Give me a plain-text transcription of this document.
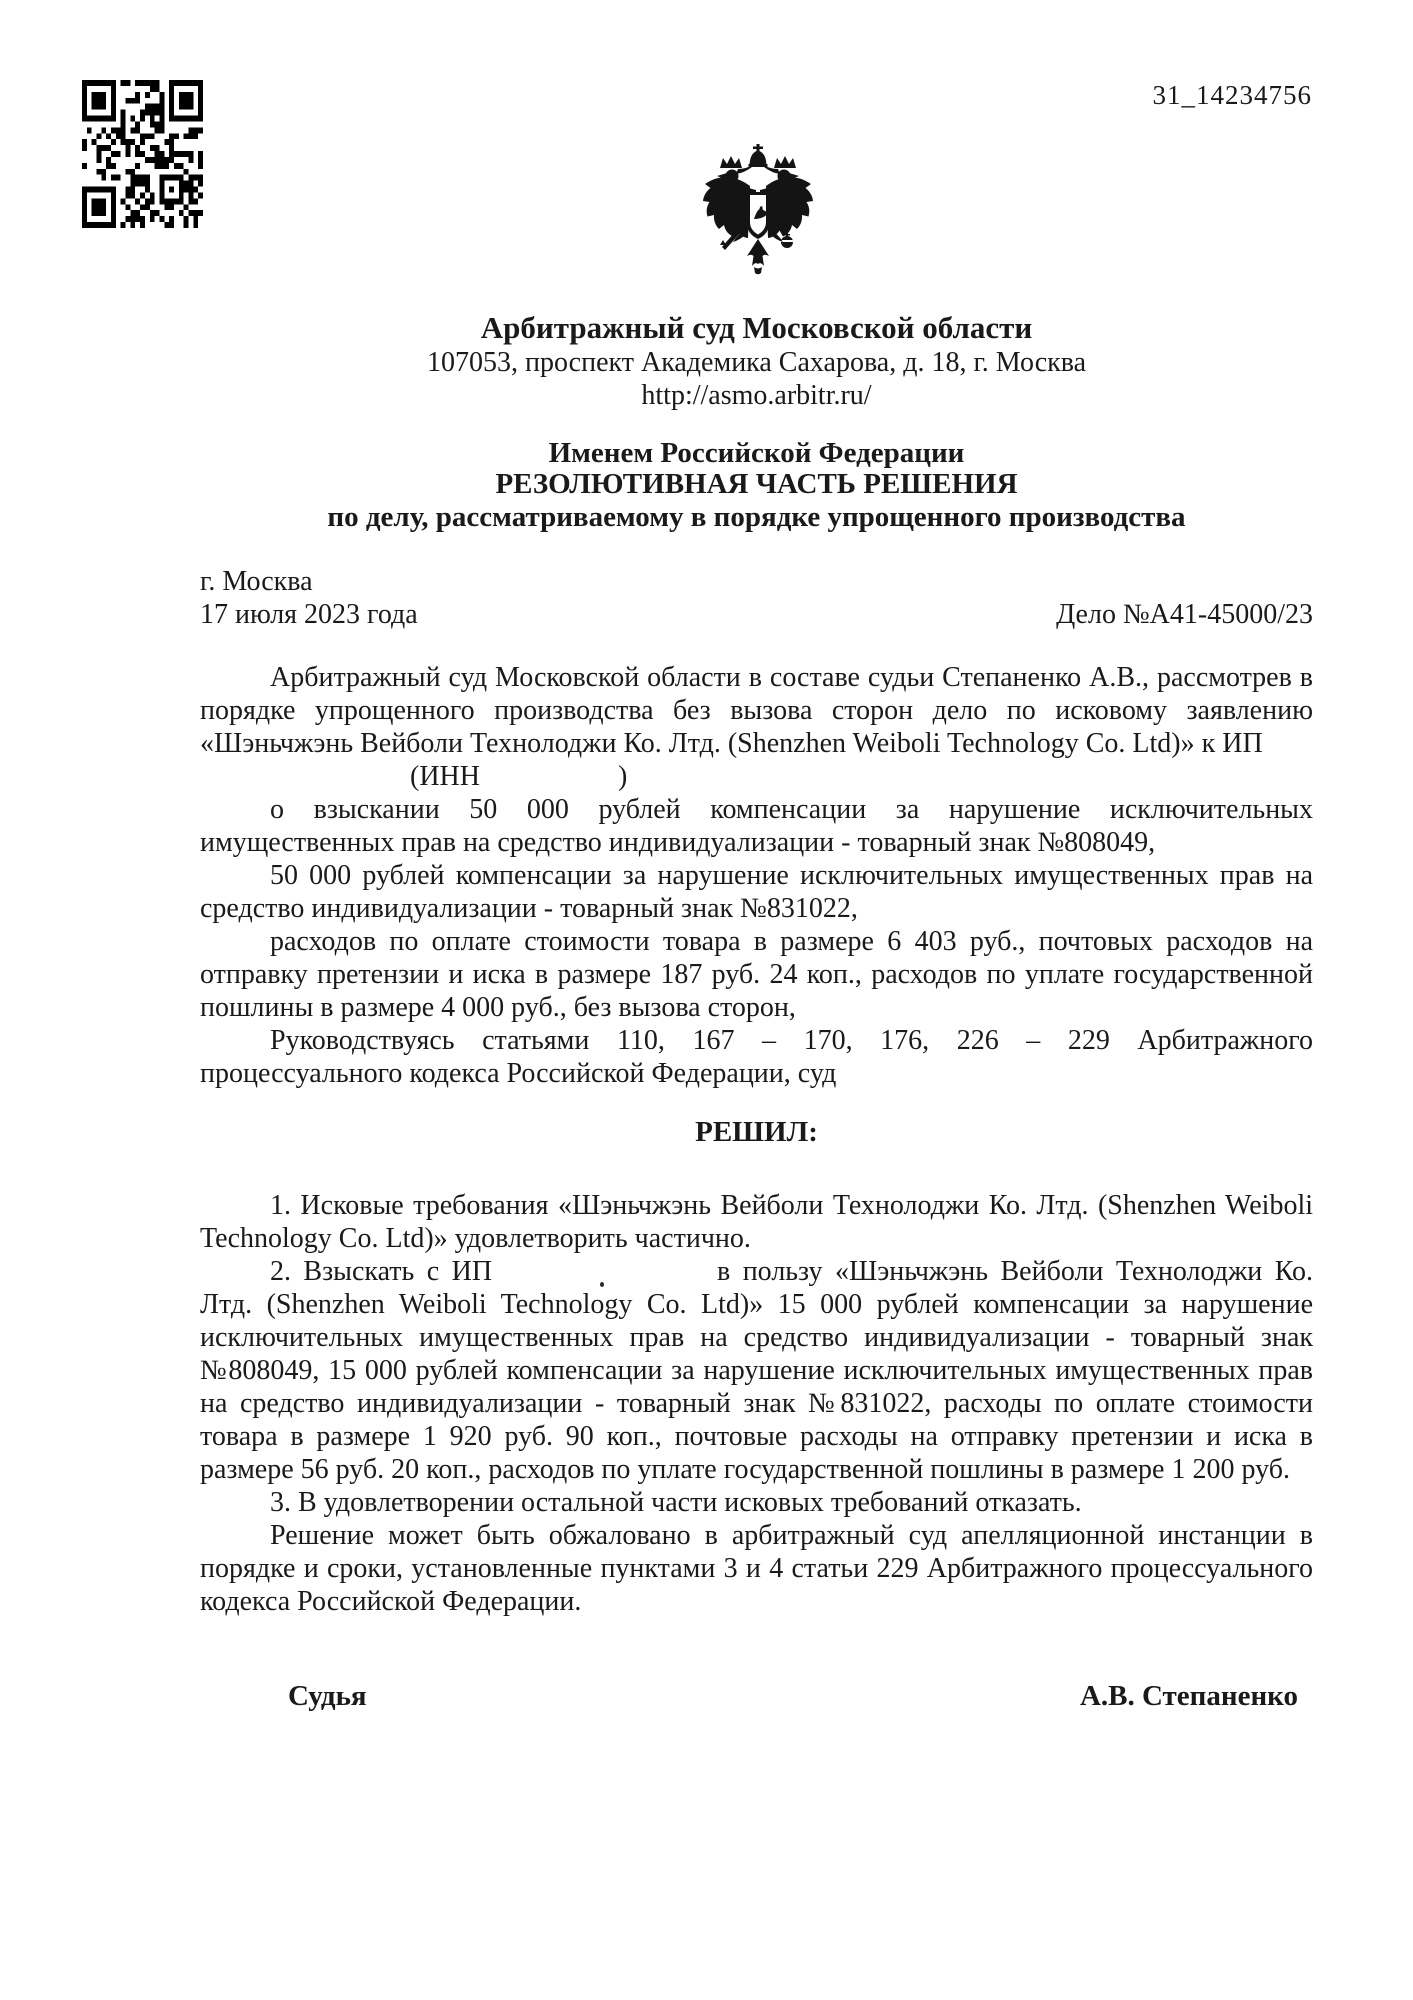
31_14234756
Арбитражный суд Московской области
107053, проспект Академика Сахарова, д. 18, г. Москва
http://asmo.arbitr.ru/
Именем Российской Федерации
РЕЗОЛЮТИВНАЯ ЧАСТЬ РЕШЕНИЯ
по делу, рассматриваемому в порядке упрощенного производства
г. Москва
17 июля 2023 года	Дело №А41-45000/23

Арбитражный суд Московской области в составе судьи Степаненко А.В., рассмотрев в порядке упрощенного производства без вызова сторон дело по исковому заявлению «Шэньчжэнь Вейболи Технолоджи Ко. Лтд. (Shenzhen Weiboli Technology Co. Ltd)» к ИП

(ИНН	)

о взыскании 50 000 рублей компенсации за нарушение исключительных имущественных прав на средство индивидуализации - товарный знак №808049,

50 000 рублей компенсации за нарушение исключительных имущественных прав на средство индивидуализации - товарный знак №831022,

расходов по оплате стоимости товара в размере 6 403 руб., почтовых расходов на отправку претензии и иска в размере 187 руб. 24 коп., расходов по уплате государственной пошлины в размере 4 000 руб., без вызова сторон,

Руководствуясь статьями 110, 167 – 170, 176, 226 – 229 Арбитражного процессуального кодекса Российской Федерации, суд

РЕШИЛ:

1. Исковые требования «Шэньчжэнь Вейболи Технолоджи Ко. Лтд. (Shenzhen Weiboli Technology Co. Ltd)» удовлетворить частично.

2. Взыскать с ИП	в пользу «Шэньчжэнь Вейболи Технолоджи Ко. Лтд. (Shenzhen Weiboli Technology Co. Ltd)» 15 000 рублей компенсации за нарушение исключительных имущественных прав на средство индивидуализации - товарный знак №808049, 15 000 рублей компенсации за нарушение исключительных имущественных прав на средство индивидуализации - товарный знак №831022, расходы по оплате стоимости товара в размере 1 920 руб. 90 коп., почтовые расходы на отправку претензии и иска в размере 56 руб. 20 коп., расходов по уплате государственной пошлины в размере 1 200 руб.

3. В удовлетворении остальной части исковых требований отказать.

Решение может быть обжаловано в арбитражный суд апелляционной инстанции в порядке и сроки, установленные пунктами 3 и 4 статьи 229 Арбитражного процессуального кодекса Российской Федерации.

Судья	А.В. Степаненко
